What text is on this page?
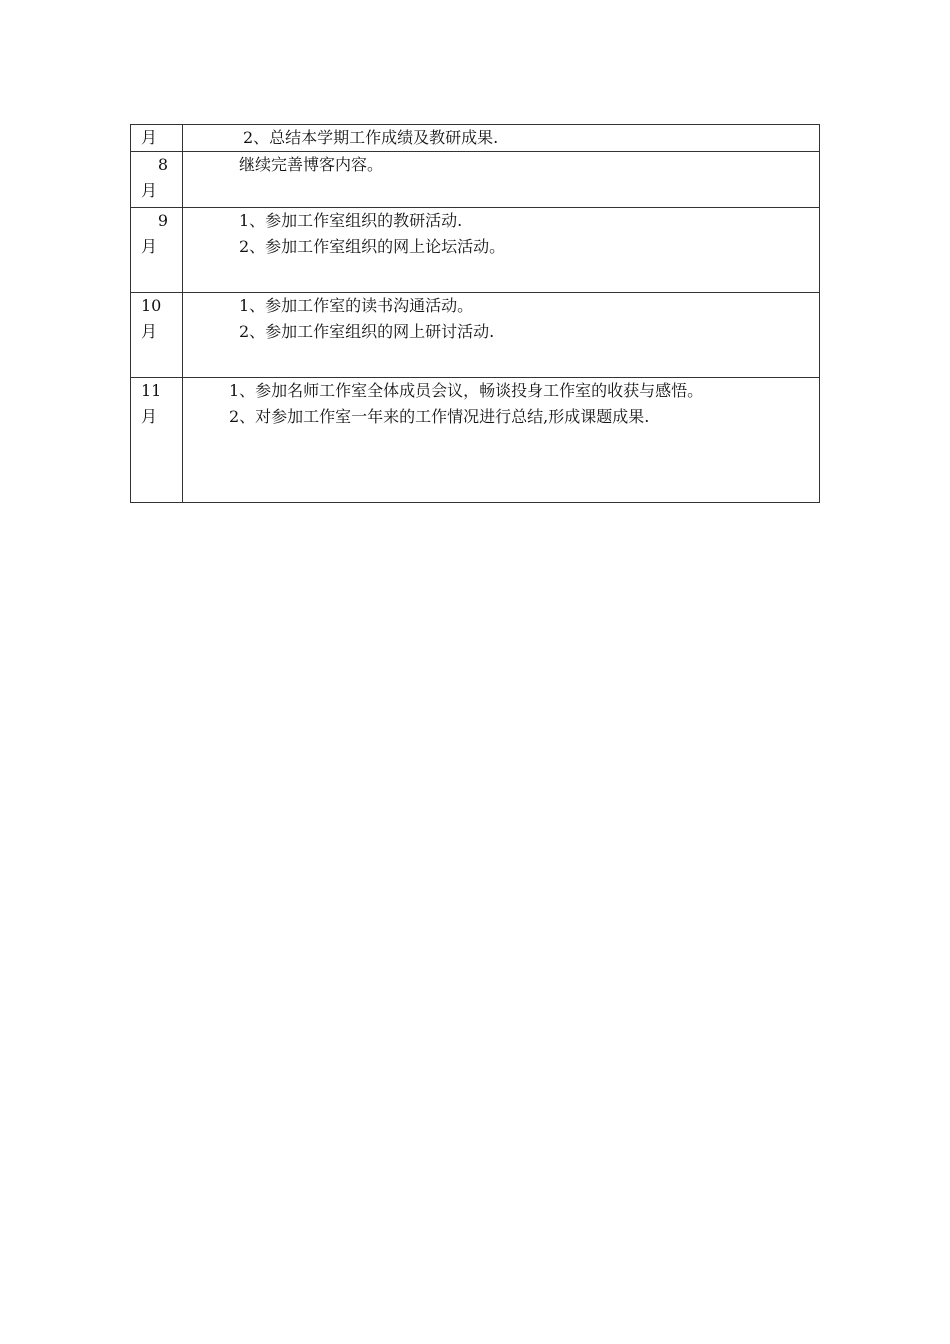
月	2、总结本学期工作成绩及教研成果.

8
月	继续完善博客内容。

9
月	1、参加工作室组织的教研活动.
2、参加工作室组织的网上论坛活动。

10
月	1、参加工作室的读书沟通活动。
2、参加工作室组织的网上研讨活动.

11
月	1、参加名师工作室全体成员会议，畅谈投身工作室的收获与感悟。
2、对参加工作室一年来的工作情况进行总结,形成课题成果.
